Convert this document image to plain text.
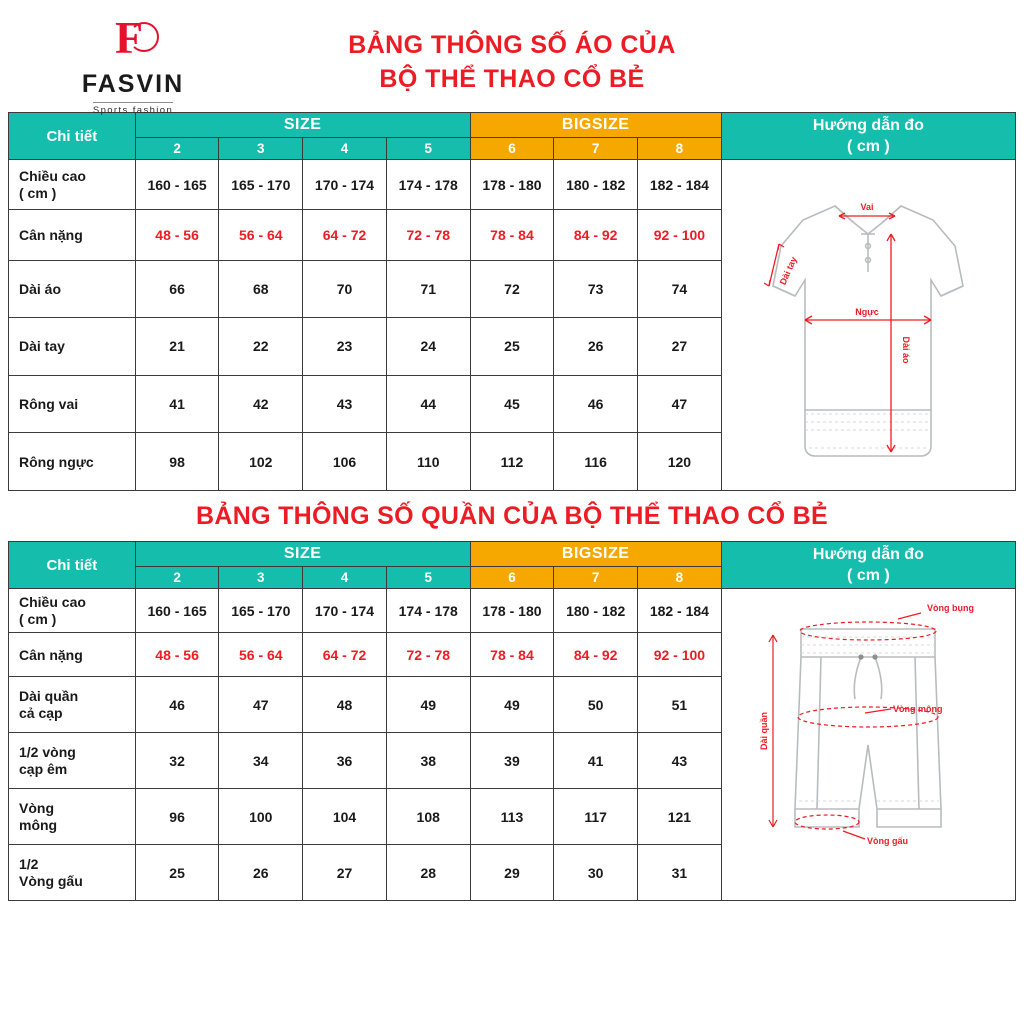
F
FASVIN
Sports fashion
BẢNG THÔNG SỐ ÁO CỦA
BỘ THỂ THAO CỔ BẺ
Chi tiết	SIZE				BIGSIZE			Hướng dẫn đo
( cm )

	2	3	4	5	6	7	8	

Chiều cao
( cm )	160 - 165	165 - 170	170 - 174	174 - 178	178 - 180	180 - 182	182 - 184	
Dài tay
Vai
Ngực
Dài áo

Cân nặng	48 - 56	56 - 64	64 - 72	72 - 78	78 - 84	84 - 92	92 - 100	
Dài áo	66	68	70	71	72	73	74	
Dài tay	21	22	23	24	25	26	27	
Rông vai	41	42	43	44	45	46	47	
Rông ngực	98	102	106	110	112	116	120	
BẢNG THÔNG SỐ QUẦN CỦA BỘ THỂ THAO CỔ BẺ
Chi tiết	SIZE				BIGSIZE			Hướng dẫn đo
( cm )

	2	3	4	5	6	7	8	

Chiều cao
( cm )	160 - 165	165 - 170	170 - 174	174 - 178	178 - 180	180 - 182	182 - 184	Vòng bụng
Vòng mông
Dài quần
Vòng gấu

Cân nặng	48 - 56	56 - 64	64 - 72	72 - 78	78 - 84	84 - 92	92 - 100	

Dài quần
cả cạp	46	47	48	49	49	50	51	

1/2 vòng
cạp êm	32	34	36	38	39	41	43	

Vòng
mông	96	100	104	108	113	117	121	

1/2
Vòng gấu	25	26	27	28	29	30	31	
